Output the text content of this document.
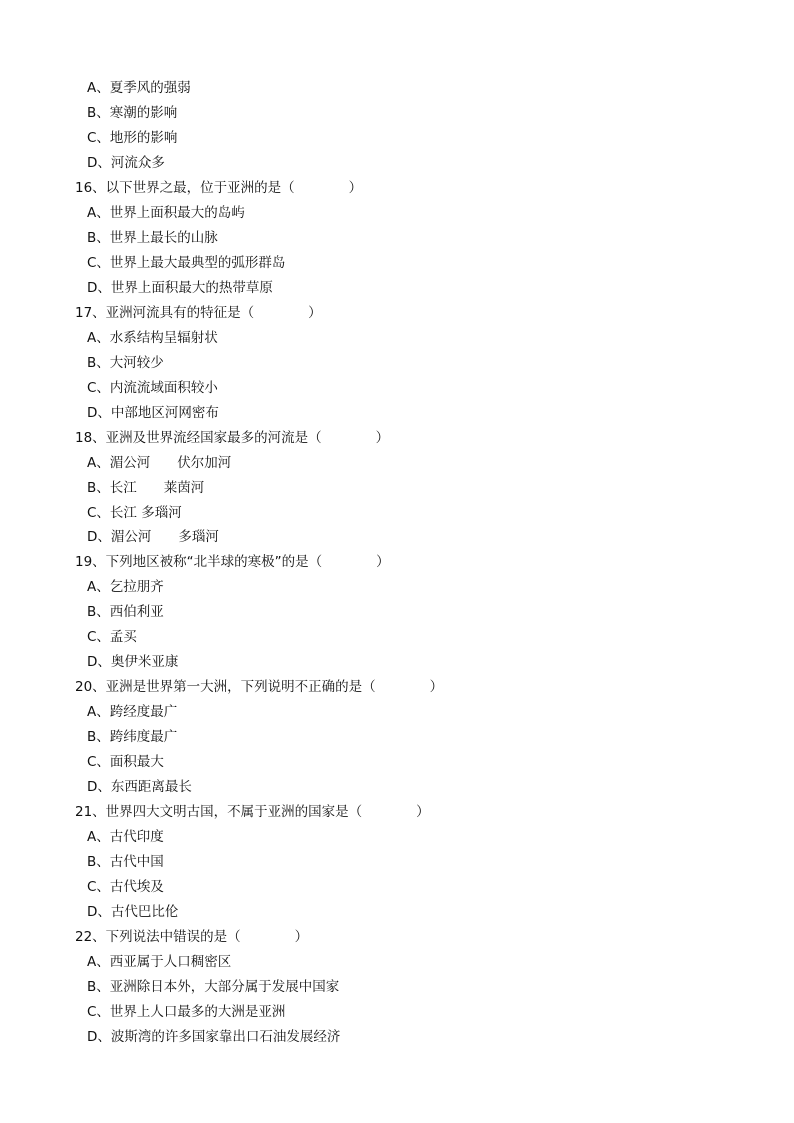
A、夏季风的强弱
B、寒潮的影响
C、地形的影响
D、河流众多
16、以下世界之最，位于亚洲的是（　　　　）
A、世界上面积最大的岛屿
B、世界上最长的山脉
C、世界上最大最典型的弧形群岛
D、世界上面积最大的热带草原
17、亚洲河流具有的特征是（　　　　）
A、水系结构呈辐射状
B、大河较少
C、内流流域面积较小
D、中部地区河网密布
18、亚洲及世界流经国家最多的河流是（　　　　）
A、湄公河　　伏尔加河
B、长江　　莱茵河
C、长江 多瑙河
D、湄公河　　多瑙河
19、下列地区被称“北半球的寒极”的是（　　　　）
A、乞拉朋齐
B、西伯利亚
C、孟买
D、奥伊米亚康
20、亚洲是世界第一大洲，下列说明不正确的是（　　　　）
A、跨经度最广
B、跨纬度最广
C、面积最大
D、东西距离最长
21、世界四大文明古国，不属于亚洲的国家是（　　　　）
A、古代印度
B、古代中国
C、古代埃及
D、古代巴比伦
22、下列说法中错误的是（　　　　）
A、西亚属于人口稠密区
B、亚洲除日本外，大部分属于发展中国家
C、世界上人口最多的大洲是亚洲
D、波斯湾的许多国家靠出口石油发展经济
